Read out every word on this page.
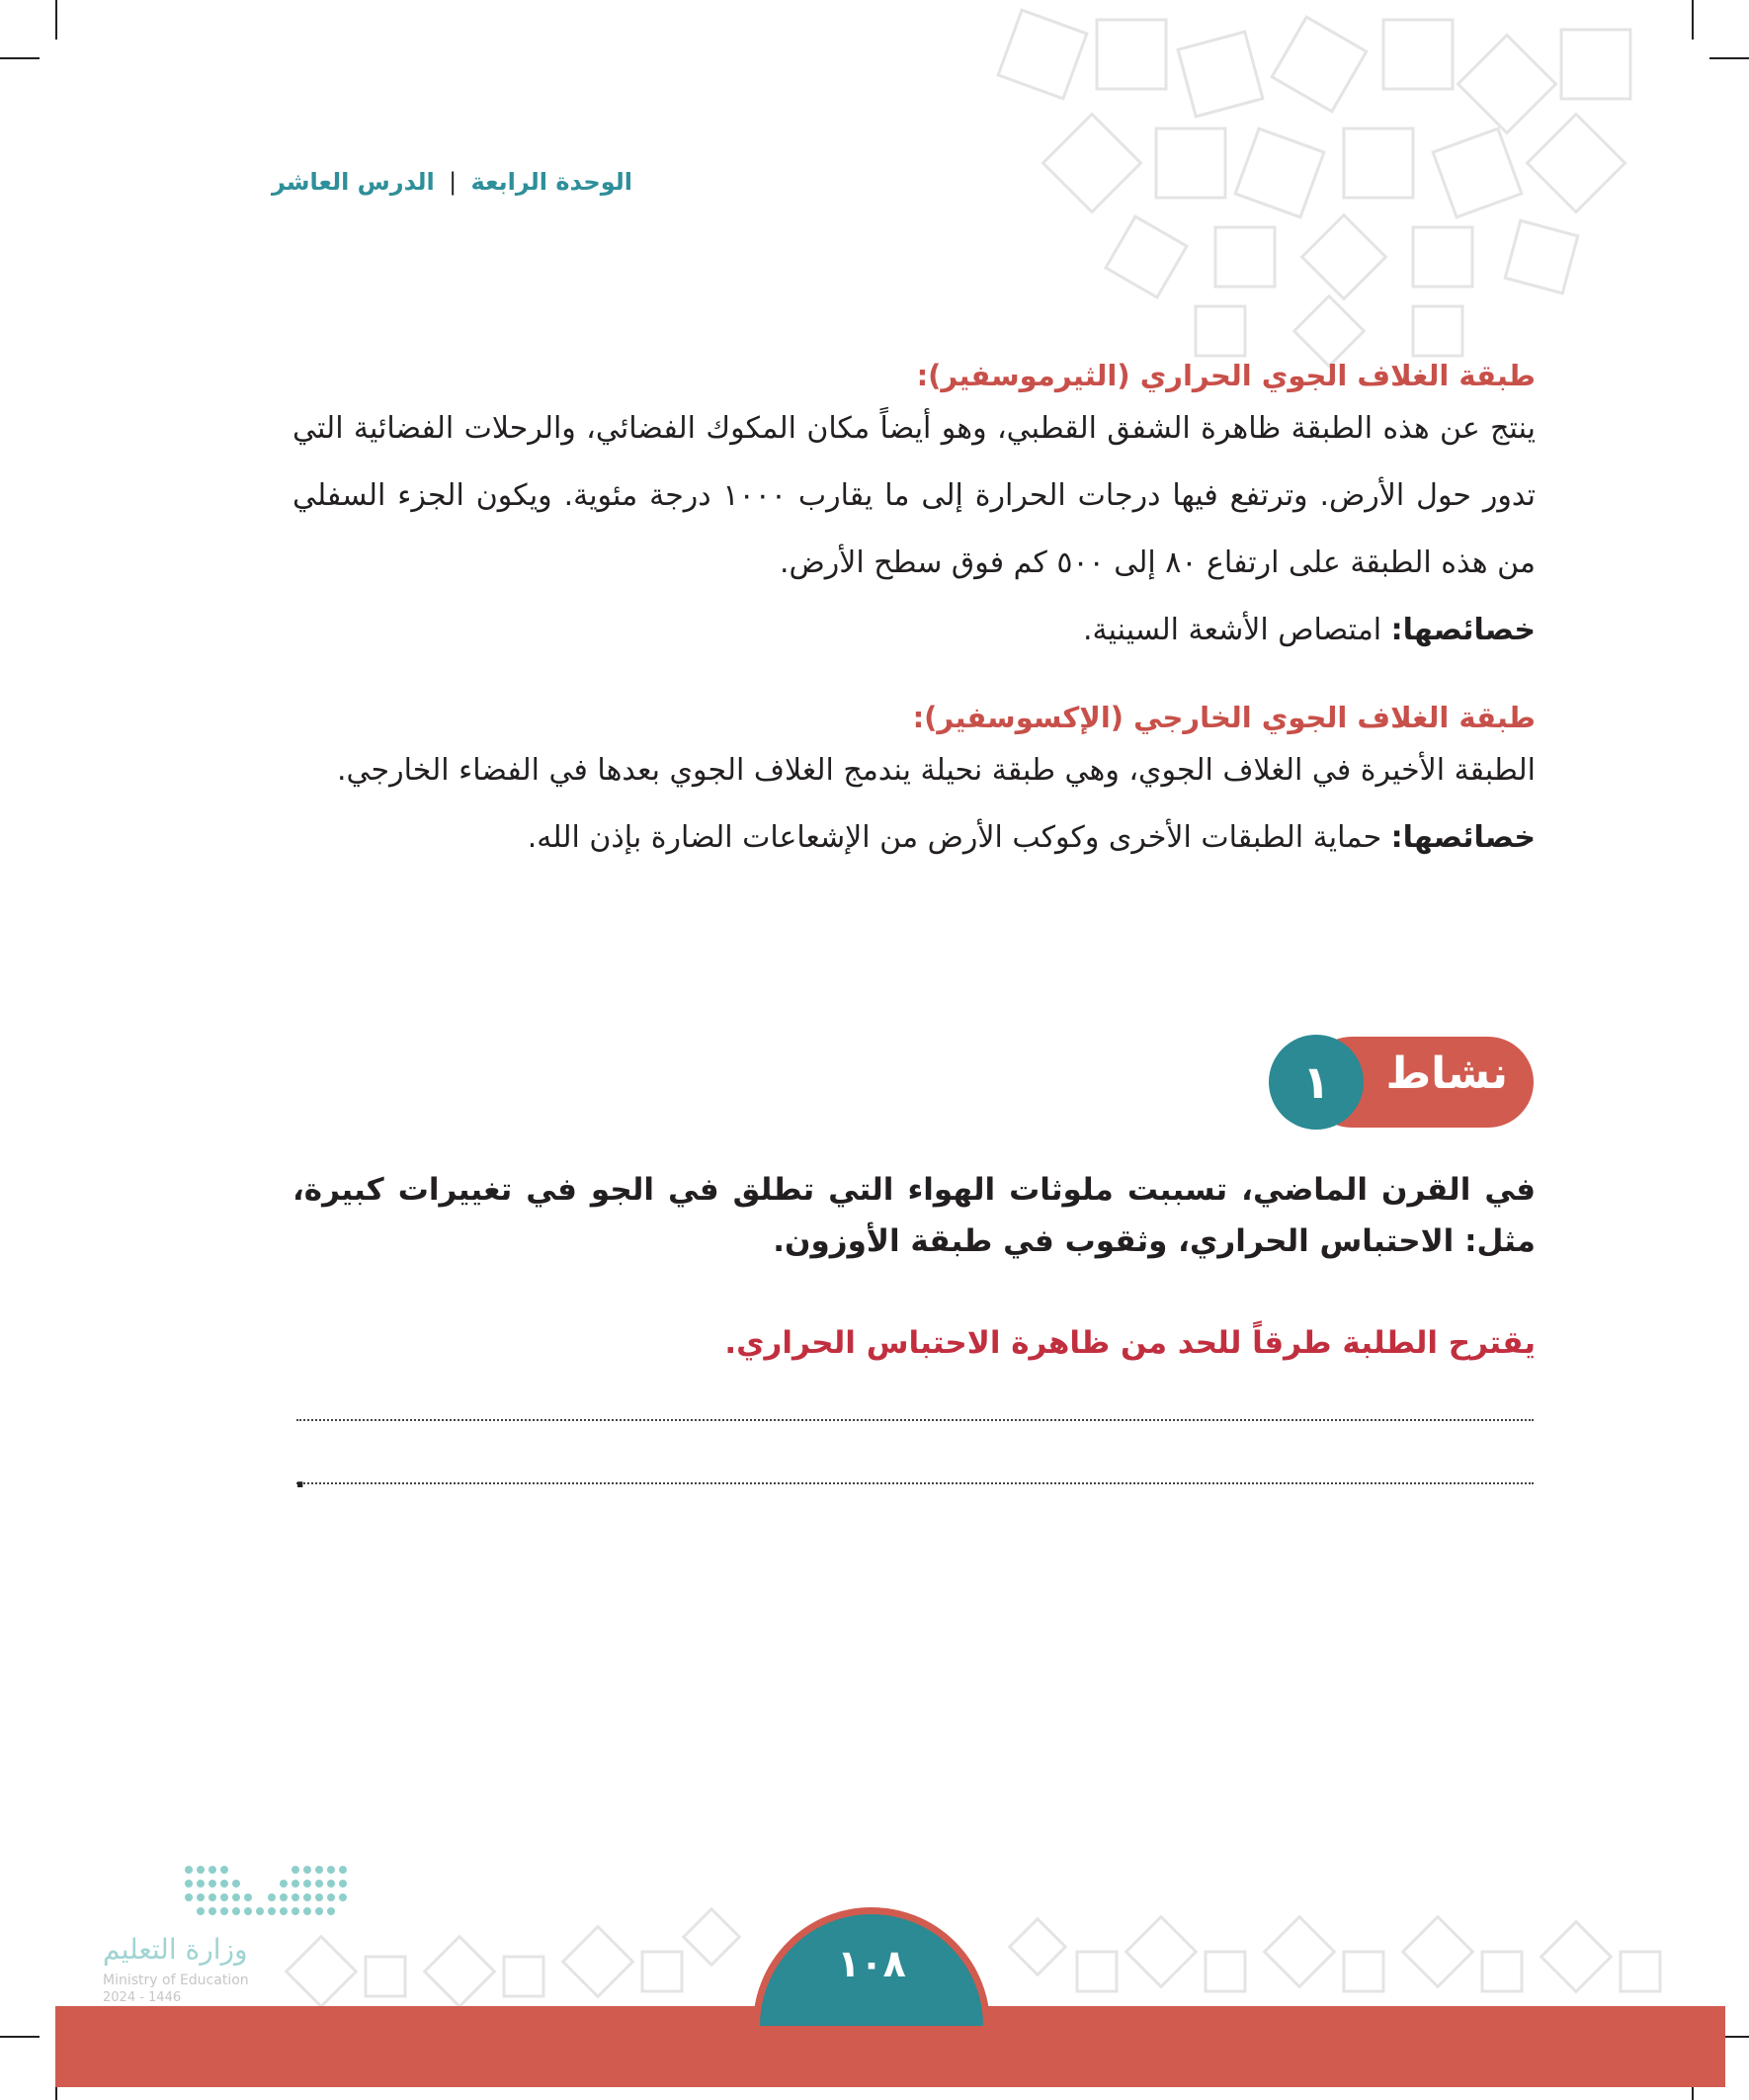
الوحدة الرابعة | الدرس العاشر
طبقة الغلاف الجوي الحراري (الثيرموسفير):

ينتج عن هذه الطبقة ظاهرة الشفق القطبي، وهو أيضاً مكان المكوك الفضائي، والرحلات الفضائية التي تدور حول الأرض. وترتفع فيها درجات الحرارة إلى ما يقارب ١٠٠٠ درجة مئوية. ويكون الجزء السفلي من هذه الطبقة على ارتفاع ٨٠ إلى ٥٠٠ كم فوق سطح الأرض.

خصائصها: امتصاص الأشعة السينية.

طبقة الغلاف الجوي الخارجي (الإكسوسفير):

الطبقة الأخيرة في الغلاف الجوي، وهي طبقة نحيلة يندمج الغلاف الجوي بعدها في الفضاء الخارجي.

خصائصها: حماية الطبقات الأخرى وكوكب الأرض من الإشعاعات الضارة بإذن الله.

نشاط
١
في القرن الماضي، تسببت ملوثات الهواء التي تطلق في الجو في تغييرات كبيرة، مثل: الاحتباس الحراري، وثقوب في طبقة الأوزون.
يقترح الطلبة طرقاً للحد من ظاهرة الاحتباس الحراري.
.
وزارة التعليم
Ministry of Education
2024 - 1446
١٠٨
